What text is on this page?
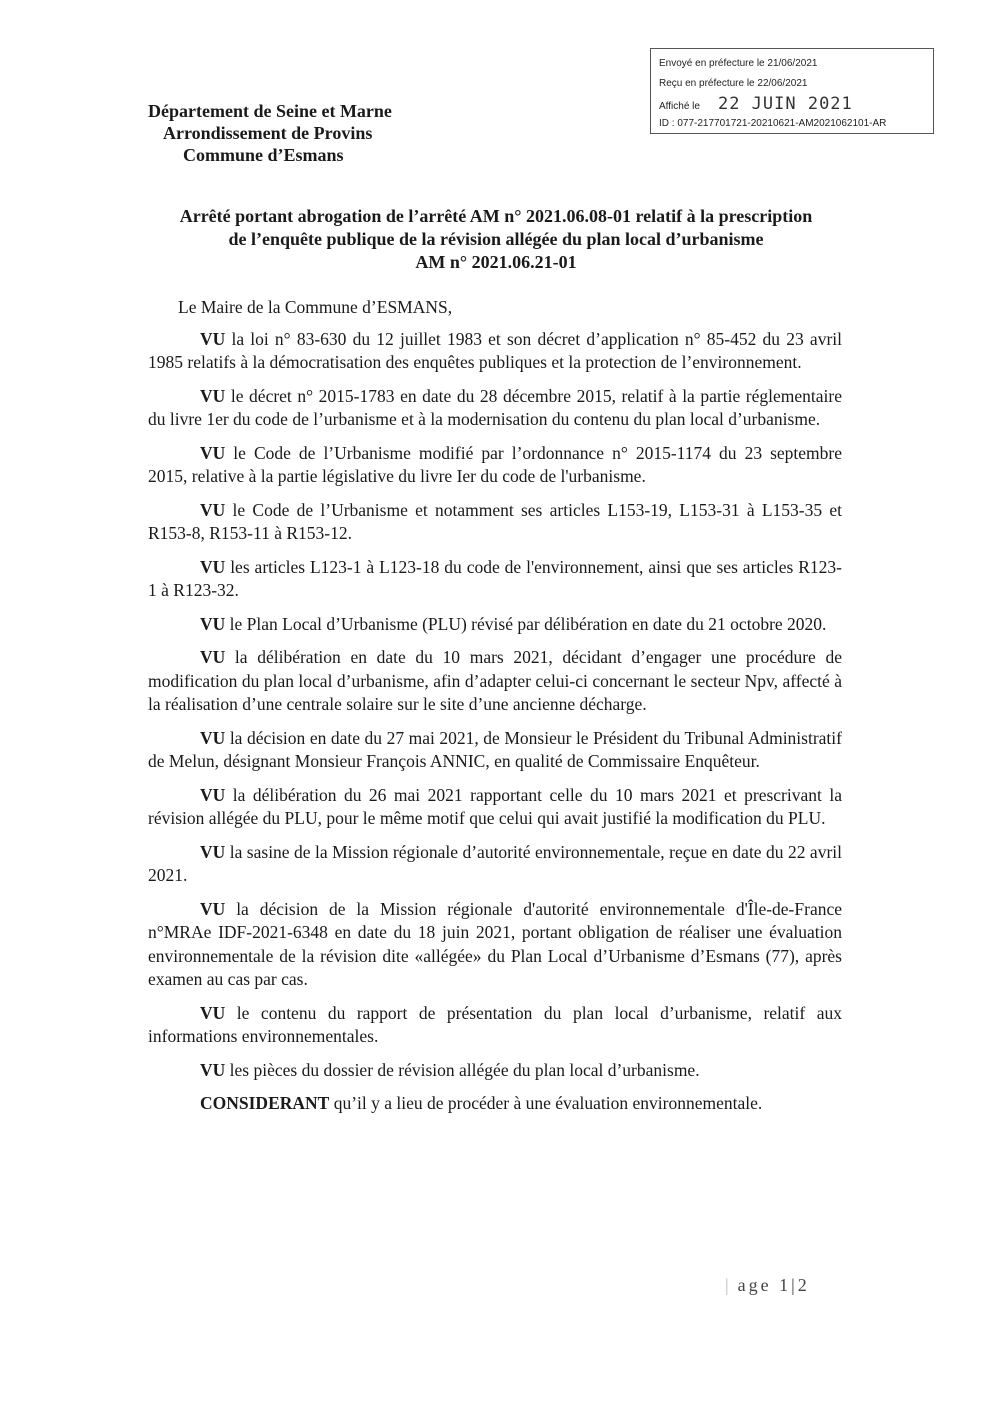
Envoyé en préfecture le 21/06/2021
Reçu en préfecture le 22/06/2021
Affiché le 22 JUIN 2021
ID : 077-217701721-20210621-AM2021062101-AR
Département de Seine et Marne
Arrondissement de Provins
Commune d’Esmans
Arrêté portant abrogation de l’arrêté AM n° 2021.06.08-01 relatif à la prescription
de l’enquête publique de la révision allégée du plan local d’urbanisme
AM n° 2021.06.21-01

Le Maire de la Commune d’ESMANS,

VU la loi n° 83-630 du 12 juillet 1983 et son décret d’application n° 85-452 du 23 avril 1985 relatifs à la démocratisation des enquêtes publiques et la protection de l’environnement.

VU le décret n° 2015-1783 en date du 28 décembre 2015, relatif à la partie réglementaire du livre 1er du code de l’urbanisme et à la modernisation du contenu du plan local d’urbanisme.

VU le Code de l’Urbanisme modifié par l’ordonnance n° 2015-1174 du 23 septembre 2015, relative à la partie législative du livre Ier du code de l'urbanisme.

VU le Code de l’Urbanisme et notamment ses articles L153-19, L153-31 à L153-35 et R153-8, R153-11 à R153-12.

VU les articles L123-1 à L123-18 du code de l'environnement, ainsi que ses articles R123-1 à R123-32.

VU le Plan Local d’Urbanisme (PLU) révisé par délibération en date du 21 octobre 2020.

VU la délibération en date du 10 mars 2021, décidant d’engager une procédure de modification du plan local d’urbanisme, afin d’adapter celui-ci concernant le secteur Npv, affecté à la réalisation d’une centrale solaire sur le site d’une ancienne décharge.

VU la décision en date du 27 mai 2021, de Monsieur le Président du Tribunal Administratif de Melun, désignant Monsieur François ANNIC, en qualité de Commissaire Enquêteur.

VU la délibération du 26 mai 2021 rapportant celle du 10 mars 2021 et prescrivant la révision allégée du PLU, pour le même motif que celui qui avait justifié la modification du PLU.

VU la sasine de la Mission régionale d’autorité environnementale, reçue en date du 22 avril 2021.

VU la décision de la Mission régionale d'autorité environnementale d'Île-de-France n°MRAe IDF-2021-6348 en date du 18 juin 2021, portant obligation de réaliser une évaluation environnementale de la révision dite «allégée» du Plan Local d’Urbanisme d’Esmans (77), après examen au cas par cas.

VU le contenu du rapport de présentation du plan local d’urbanisme, relatif aux informations environnementales.

VU les pièces du dossier de révision allégée du plan local d’urbanisme.

CONSIDERANT qu’il y a lieu de procéder à une évaluation environnementale.

| age 1|2
